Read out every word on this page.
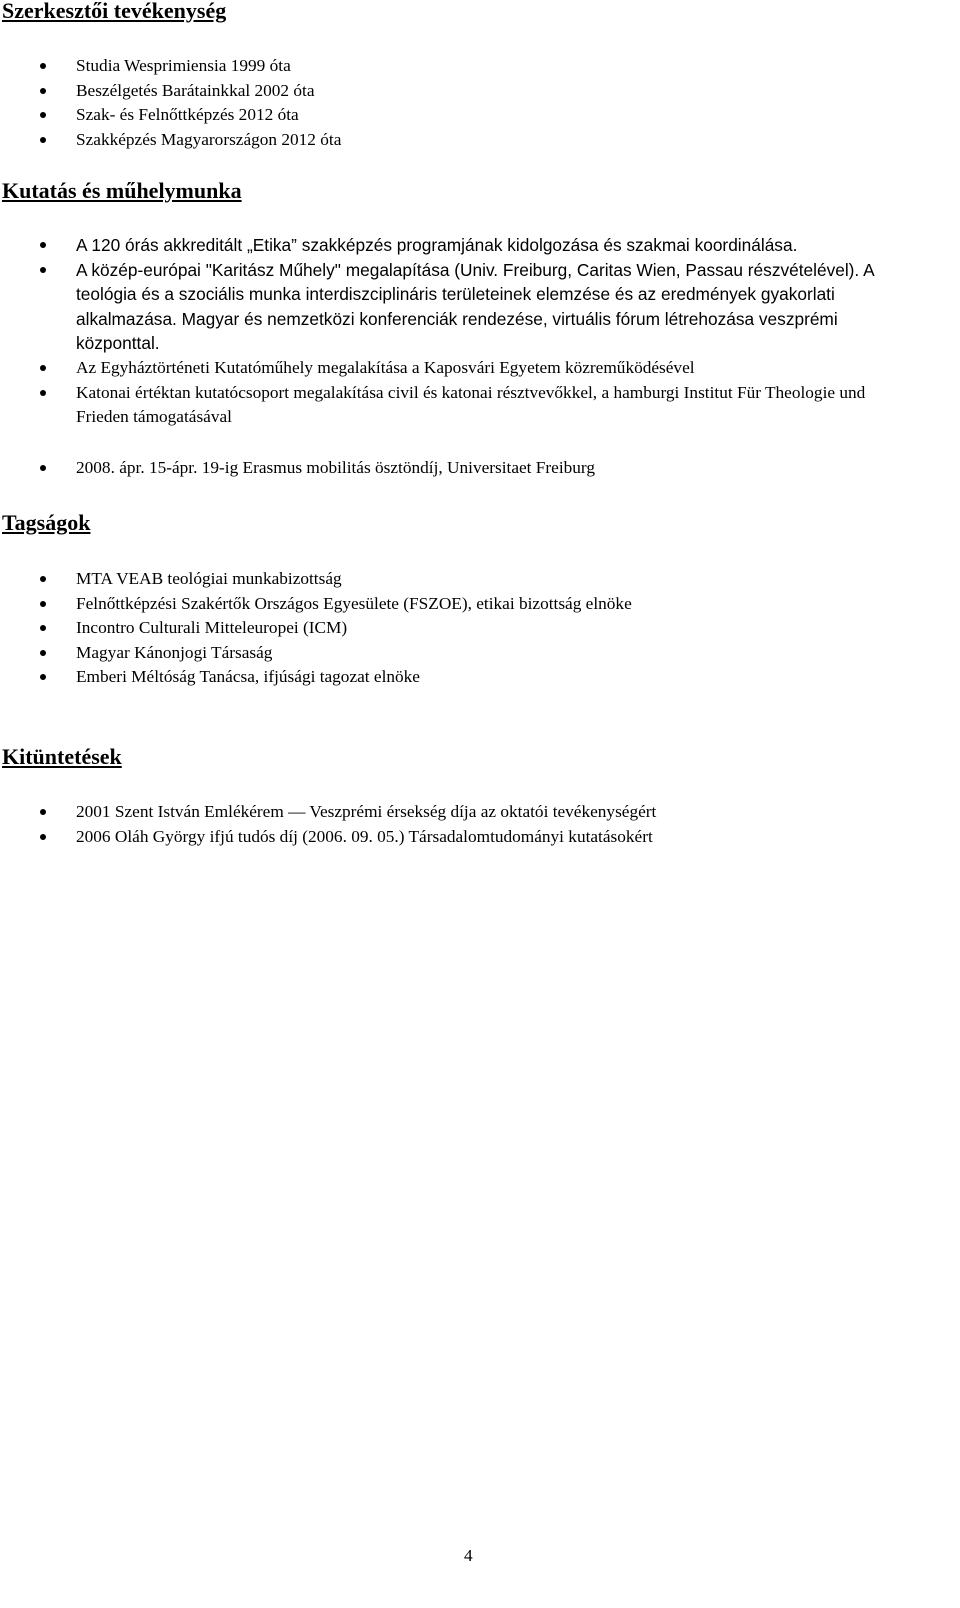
Szerkesztői tevékenység
Studia Wesprimiensia 1999 óta
Beszélgetés Barátainkkal 2002 óta
Szak- és Felnőttképzés 2012 óta
Szakképzés Magyarországon 2012 óta
Kutatás és műhelymunka
A 120 órás akkreditált „Etika” szakképzés programjának kidolgozása és szakmai koordinálása.
A közép-európai "Karitász Műhely" megalapítása (Univ. Freiburg, Caritas Wien, Passau részvételével). A teológia és a szociális munka interdiszciplináris területeinek elemzése és az eredmények gyakorlati alkalmazása. Magyar és nemzetközi konferenciák rendezése, virtuális fórum létrehozása veszprémi központtal.
Az Egyháztörténeti Kutatóműhely megalakítása a Kaposvári Egyetem közreműködésével
Katonai értéktan kutatócsoport megalakítása civil és katonai résztvevőkkel, a hamburgi Institut Für Theologie und Frieden támogatásával
2008. ápr. 15-ápr. 19-ig Erasmus mobilitás ösztöndíj, Universitaet Freiburg
Tagságok
MTA VEAB teológiai munkabizottság
Felnőttképzési Szakértők Országos Egyesülete (FSZOE), etikai bizottság elnöke
Incontro Culturali Mitteleuropei (ICM)
Magyar Kánonjogi Társaság
Emberi Méltóság Tanácsa, ifjúsági tagozat elnöke
Kitüntetések
2001 Szent István Emlékérem — Veszprémi érsekség díja az oktatói tevékenységért
2006 Oláh György ifjú tudós díj (2006. 09. 05.) Társadalomtudományi kutatásokért

4
